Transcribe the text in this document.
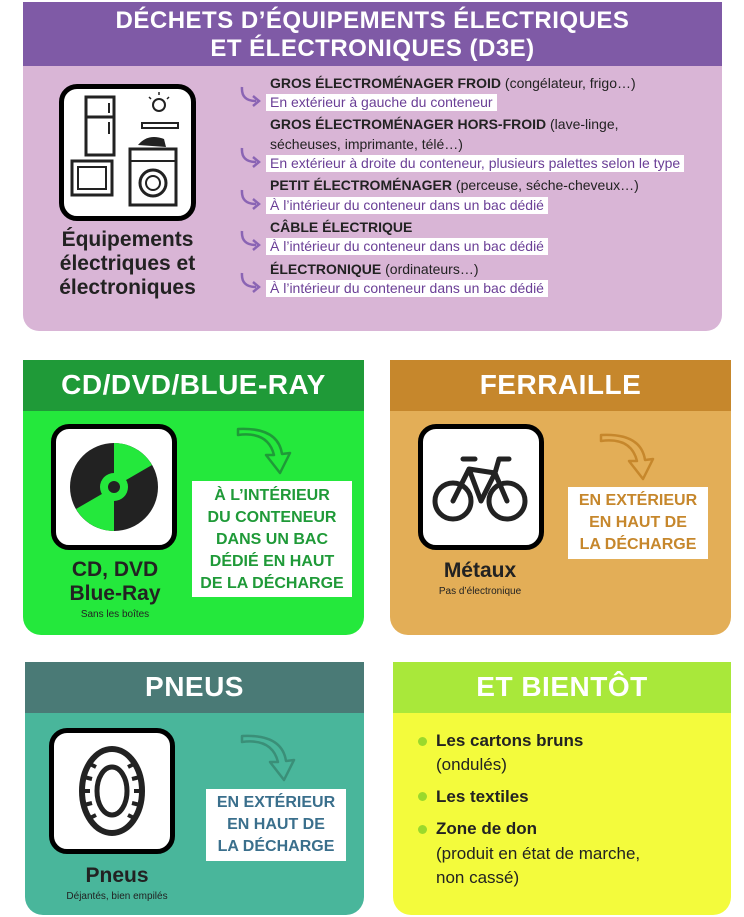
DÉCHETS D’ÉQUIPEMENTS ÉLECTRIQUES
ET ÉLECTRONIQUES (D3E)
Équipements
électriques et
électroniques
GROS ÉLECTROMÉNAGER FROID (congélateur, frigo…)
En extérieur à gauche du conteneur
GROS ÉLECTROMÉNAGER HORS-FROID (lave-linge,
sécheuses, imprimante, télé…)
En extérieur à droite du conteneur, plusieurs palettes selon le type
PETIT ÉLECTROMÉNAGER (perceuse, séche-cheveux…)
À l’intérieur du conteneur dans un bac dédié
CÂBLE ÉLECTRIQUE
À l’intérieur du conteneur dans un bac dédié
ÉLECTRONIQUE (ordinateurs…)
À l’intérieur du conteneur dans un bac dédié
CD/DVD/BLUE-RAY
CD, DVD
Blue-Ray
Sans les boîtes
À L’INTÉRIEUR
DU CONTENEUR
DANS UN BAC
DÉDIÉ EN HAUT
DE LA DÉCHARGE
FERRAILLE
Métaux
Pas d’électronique
EN EXTÉRIEUR
EN HAUT DE
LA DÉCHARGE
PNEUS
Pneus
Déjantés, bien empilés
EN EXTÉRIEUR
EN HAUT DE
LA DÉCHARGE
ET BIENTÔT
Les cartons bruns
(ondulés)
Les textiles
Zone de don
(produit en état de marche,
non cassé)
